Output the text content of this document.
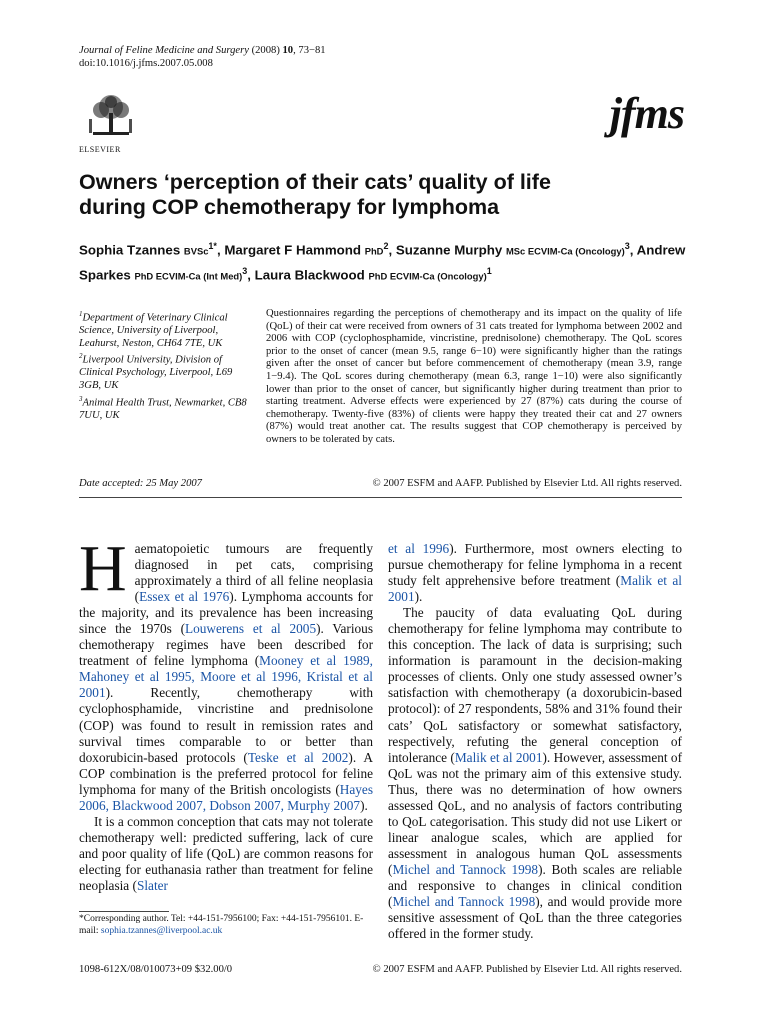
Journal of Feline Medicine and Surgery (2008) 10, 73−81
doi:10.1016/j.jfms.2007.05.008
ELSEVIER
jfms
Owners ‘perception of their cats’ quality of life
during COP chemotherapy for lymphoma
Sophia Tzannes BVSc$^{1*}$, Margaret F Hammond PhD$^2$, Suzanne Murphy MSc ECVIM-Ca (Oncology)$^3$, Andrew Sparkes PhD ECVIM-Ca (Int Med)$^3$, Laura Blackwood PhD ECVIM-Ca (Oncology)$^1$
$^1$Department of Veterinary Clinical Science, University of Liverpool, Leahurst, Neston, CH64 7TE, UK
$^2$Liverpool University, Division of Clinical Psychology, Liverpool, L69 3GB, UK
$^3$Animal Health Trust, Newmarket, CB8 7UU, UK
Questionnaires regarding the perceptions of chemotherapy and its impact on the quality of life (QoL) of their cat were received from owners of 31 cats treated for lymphoma between 2002 and 2006 with COP (cyclophosphamide, vincristine, prednisolone) chemotherapy. The QoL scores prior to the onset of cancer (mean 9.5, range 6−10) were significantly higher than the ratings given after the onset of cancer but before commencement of chemotherapy (mean 3.9, range 1−9.4). The QoL scores during chemotherapy (mean 6.3, range 1−10) were also significantly lower than prior to the onset of cancer, but significantly higher during treatment than prior to starting treatment. Adverse effects were experienced by 27 (87%) cats during the course of chemotherapy. Twenty-five (83%) of clients were happy they treated their cat and 27 owners (87%) would treat another cat. The results suggest that COP chemotherapy is perceived by owners to be tolerated by cats.
Date accepted: 25 May 2007	© 2007 ESFM and AAFP. Published by Elsevier Ltd. All rights reserved.

Haematopoietic tumours are frequently diagnosed in pet cats, comprising approximately a third of all feline neoplasia (Essex et al 1976). Lymphoma accounts for the majority, and its prevalence has been increasing since the 1970s (Louwerens et al 2005). Various chemotherapy regimes have been described for treatment of feline lymphoma (Mooney et al 1989, Mahoney et al 1995, Moore et al 1996, Kristal et al 2001). Recently, chemotherapy with cyclophosphamide, vincristine and prednisolone (COP) was found to result in remission rates and survival times comparable to or better than doxorubicin-based protocols (Teske et al 2002). A COP combination is the preferred protocol for feline lymphoma for many of the British oncologists (Hayes 2006, Blackwood 2007, Dobson 2007, Murphy 2007).

It is a common conception that cats may not tolerate chemotherapy well: predicted suffering, lack of cure and poor quality of life (QoL) are common reasons for electing for euthanasia rather than treatment for feline neoplasia (Slater

et al 1996). Furthermore, most owners electing to pursue chemotherapy for feline lymphoma in a recent study felt apprehensive before treatment (Malik et al 2001).

The paucity of data evaluating QoL during chemotherapy for feline lymphoma may contribute to this conception. The lack of data is surprising; such information is paramount in the decision-making processes of clients. Only one study assessed owner’s satisfaction with chemotherapy (a doxorubicin-based protocol): of 27 respondents, 58% and 31% found their cats’ QoL satisfactory or somewhat satisfactory, respectively, refuting the general conception of intolerance (Malik et al 2001). However, assessment of QoL was not the primary aim of this extensive study. Thus, there was no determination of how owners assessed QoL, and no analysis of factors contributing to QoL categorisation. This study did not use Likert or linear analogue scales, which are applied for assessment in analogous human QoL assessments (Michel and Tannock 1998). Both scales are reliable and responsive to changes in clinical condition (Michel and Tannock 1998), and would provide more sensitive assessment of QoL than the three categories offered in the former study.

*Corresponding author. Tel: +44-151-7956100; Fax: +44-151-7956101. E-mail: sophia.tzannes@liverpool.ac.uk
1098-612X/08/010073+09 $32.00/0	© 2007 ESFM and AAFP. Published by Elsevier Ltd. All rights reserved.
